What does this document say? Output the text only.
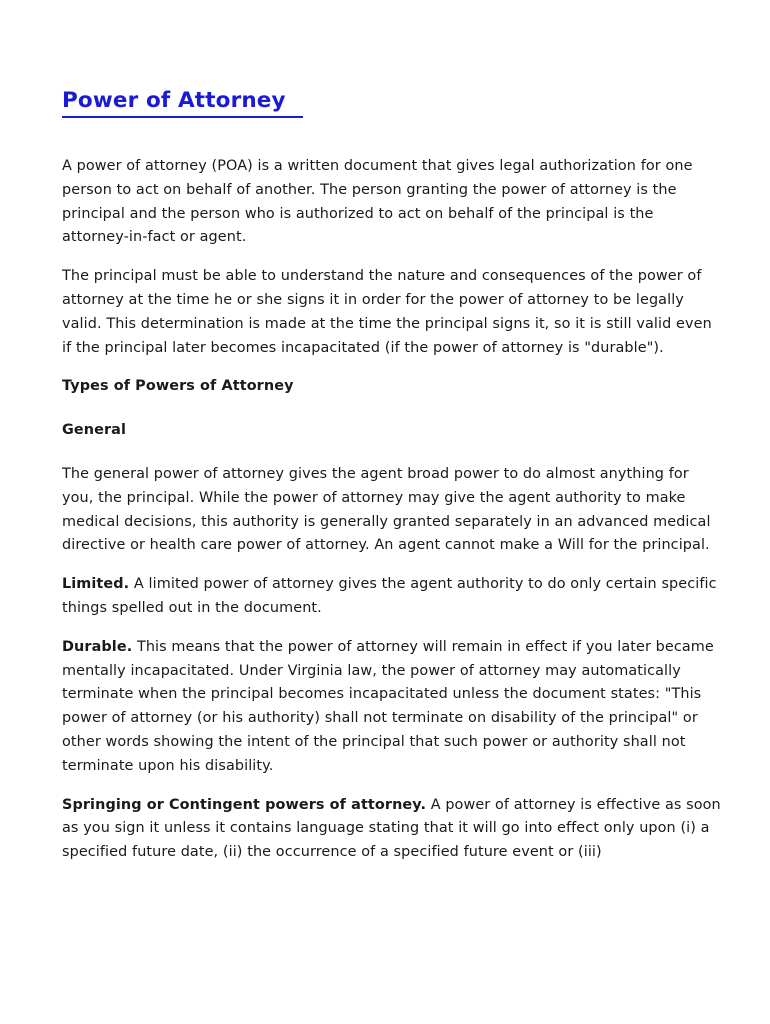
Power of Attorney

A power of attorney (POA) is a written document that gives legal authorization for one person to act on behalf of another. The person granting the power of attorney is the principal and the person who is authorized to act on behalf of the principal is the attorney-in-fact or agent.

The principal must be able to understand the nature and consequences of the power of attorney at the time he or she signs it in order for the power of attorney to be legally valid. This determination is made at the time the principal signs it, so it is still valid even if the principal later becomes incapacitated (if the power of attorney is "durable").

Types of Powers of Attorney

General

The general power of attorney gives the agent broad power to do almost anything for you, the principal. While the power of attorney may give the agent authority to make medical decisions, this authority is generally granted separately in an advanced medical directive or health care power of attorney. An agent cannot make a Will for the principal.

Limited. A limited power of attorney gives the agent authority to do only certain specific things spelled out in the document.

Durable. This means that the power of attorney will remain in effect if you later became mentally incapacitated. Under Virginia law, the power of attorney may automatically terminate when the principal becomes incapacitated unless the document states: "This power of attorney (or his authority) shall not terminate on disability of the principal" or other words showing the intent of the principal that such power or authority shall not terminate upon his disability.

Springing or Contingent powers of attorney. A power of attorney is effective as soon as you sign it unless it contains language stating that it will go into effect only upon (i) a specified future date, (ii) the occurrence of a specified future event or (iii)
